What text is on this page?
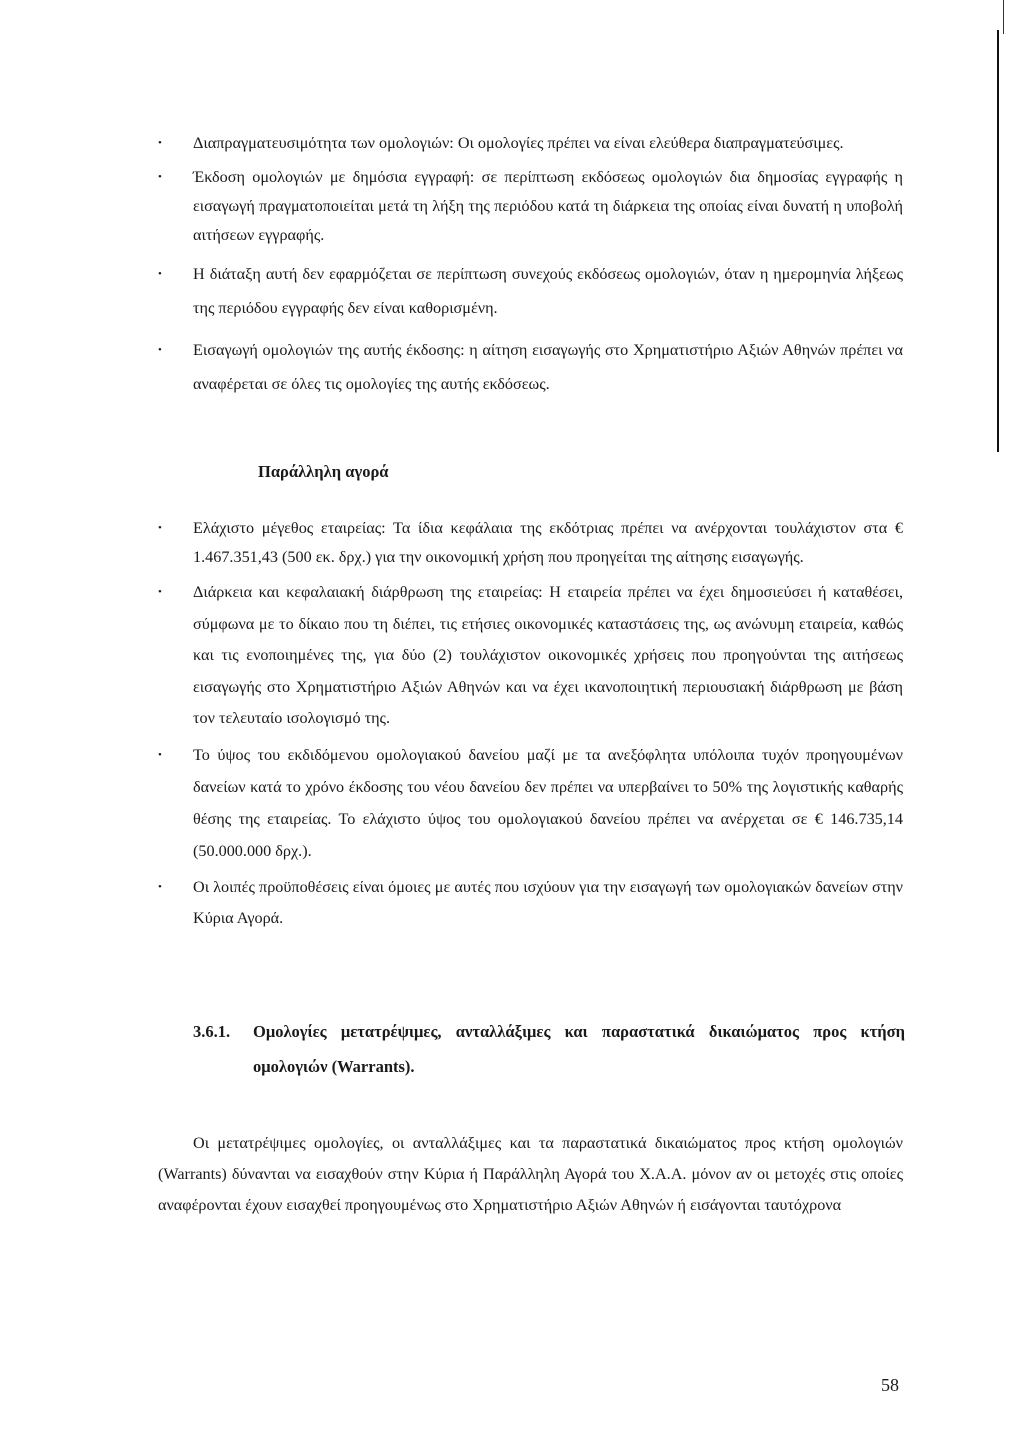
• Διαπραγματευσιμότητα των ομολογιών: Οι ομολογίες πρέπει να είναι ελεύθερα διαπραγματεύσιμες.
• Έκδοση ομολογιών με δημόσια εγγραφή: σε περίπτωση εκδόσεως ομολογιών δια δημοσίας εγγραφής η εισαγωγή πραγματοποιείται μετά τη λήξη της περιόδου κατά τη διάρκεια της οποίας είναι δυνατή η υποβολή αιτήσεων εγγραφής.
• Η διάταξη αυτή δεν εφαρμόζεται σε περίπτωση συνεχούς εκδόσεως ομολογιών, όταν η ημερομηνία λήξεως της περιόδου εγγραφής δεν είναι καθορισμένη.
• Εισαγωγή ομολογιών της αυτής έκδοσης: η αίτηση εισαγωγής στο Χρηματιστήριο Αξιών Αθηνών πρέπει να αναφέρεται σε όλες τις ομολογίες της αυτής εκδόσεως.
Παράλληλη αγορά
• Ελάχιστο μέγεθος εταιρείας: Τα ίδια κεφάλαια της εκδότριας πρέπει να ανέρχονται τουλάχιστον στα € 1.467.351,43 (500 εκ. δρχ.) για την οικονομική χρήση που προηγείται της αίτησης εισαγωγής.
• Διάρκεια και κεφαλαιακή διάρθρωση της εταιρείας: Η εταιρεία πρέπει να έχει δημοσιεύσει ή καταθέσει, σύμφωνα με το δίκαιο που τη διέπει, τις ετήσιες οικονομικές καταστάσεις της, ως ανώνυμη εταιρεία, καθώς και τις ενοποιημένες της, για δύο (2) τουλάχιστον οικονομικές χρήσεις που προηγούνται της αιτήσεως εισαγωγής στο Χρηματιστήριο Αξιών Αθηνών και να έχει ικανοποιητική περιουσιακή διάρθρωση με βάση τον τελευταίο ισολογισμό της.
• Το ύψος του εκδιδόμενου ομολογιακού δανείου μαζί με τα ανεξόφλητα υπόλοιπα τυχόν προηγουμένων δανείων κατά το χρόνο έκδοσης του νέου δανείου δεν πρέπει να υπερβαίνει το 50% της λογιστικής καθαρής θέσης της εταιρείας. Το ελάχιστο ύψος του ομολογιακού δανείου πρέπει να ανέρχεται σε € 146.735,14 (50.000.000 δρχ.).
• Οι λοιπές προϋποθέσεις είναι όμοιες με αυτές που ισχύουν για την εισαγωγή των ομολογιακών δανείων στην Κύρια Αγορά.
3.6.1.	Ομολογίες μετατρέψιμες, ανταλλάξιμες και παραστατικά δικαιώματος προς κτήση ομολογιών (Warrants).
Οι μετατρέψιμες ομολογίες, οι ανταλλάξιμες και τα παραστατικά δικαιώματος προς κτήση ομολογιών (Warrants) δύνανται να εισαχθούν στην Κύρια ή Παράλληλη Αγορά του Χ.Α.Α. μόνον αν οι μετοχές στις οποίες αναφέρονται έχουν εισαχθεί προηγουμένως στο Χρηματιστήριο Αξιών Αθηνών ή εισάγονται ταυτόχρονα
58
